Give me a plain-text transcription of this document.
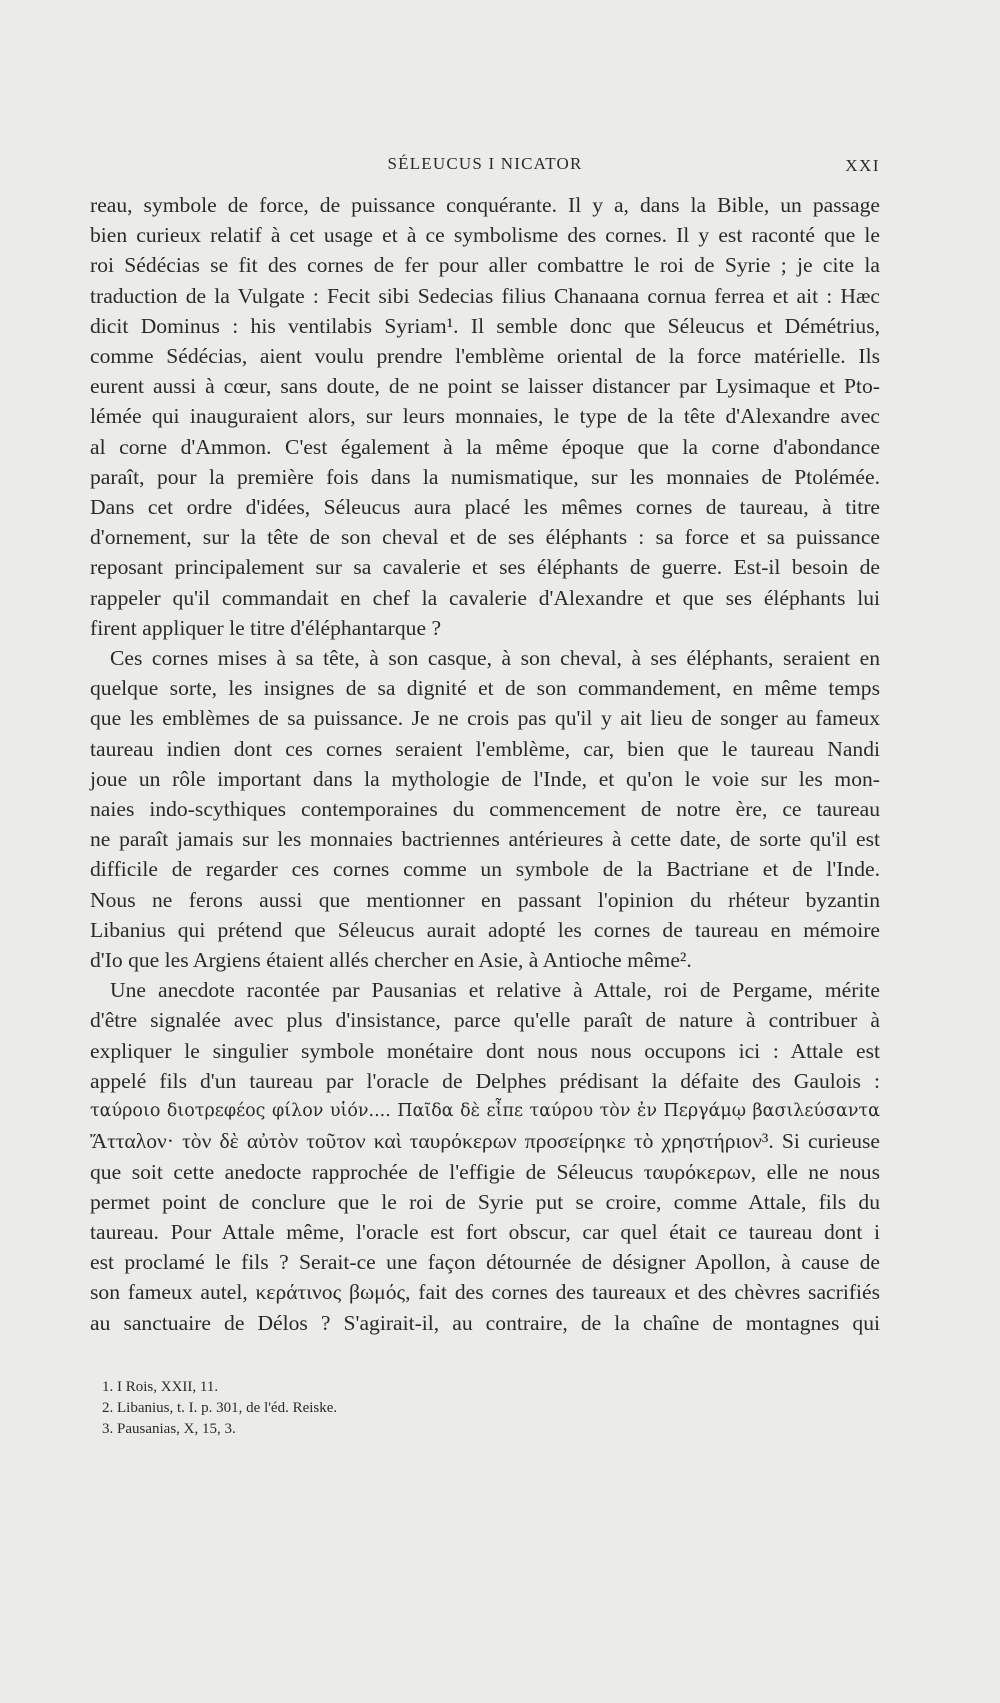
SÉLEUCUS I NICATOR	XXI
reau, symbole de force, de puissance conquérante. Il y a, dans la Bible, un passage
bien curieux relatif à cet usage et à ce symbolisme des cornes. Il y est raconté que le
roi Sédécias se fit des cornes de fer pour aller combattre le roi de Syrie ; je cite la
traduction de la Vulgate : Fecit sibi Sedecias filius Chanaana cornua ferrea et ait : Hæc
dicit Dominus : his ventilabis Syriam¹. Il semble donc que Séleucus et Démétrius,
comme Sédécias, aient voulu prendre l'emblème oriental de la force matérielle. Ils
eurent aussi à cœur, sans doute, de ne point se laisser distancer par Lysimaque et Pto-
lémée qui inauguraient alors, sur leurs monnaies, le type de la tête d'Alexandre avec
al corne d'Ammon. C'est également à la même époque que la corne d'abondance
paraît, pour la première fois dans la numismatique, sur les monnaies de Ptolémée.
Dans cet ordre d'idées, Séleucus aura placé les mêmes cornes de taureau, à titre
d'ornement, sur la tête de son cheval et de ses éléphants : sa force et sa puissance
reposant principalement sur sa cavalerie et ses éléphants de guerre. Est-il besoin de
rappeler qu'il commandait en chef la cavalerie d'Alexandre et que ses éléphants lui
firent appliquer le titre d'éléphantarque ?
Ces cornes mises à sa tête, à son casque, à son cheval, à ses éléphants, seraient en
quelque sorte, les insignes de sa dignité et de son commandement, en même temps
que les emblèmes de sa puissance. Je ne crois pas qu'il y ait lieu de songer au fameux
taureau indien dont ces cornes seraient l'emblème, car, bien que le taureau Nandi
joue un rôle important dans la mythologie de l'Inde, et qu'on le voie sur les mon-
naies indo-scythiques contemporaines du commencement de notre ère, ce taureau
ne paraît jamais sur les monnaies bactriennes antérieures à cette date, de sorte qu'il est
difficile de regarder ces cornes comme un symbole de la Bactriane et de l'Inde.
Nous ne ferons aussi que mentionner en passant l'opinion du rhéteur byzantin
Libanius qui prétend que Séleucus aurait adopté les cornes de taureau en mémoire
d'Io que les Argiens étaient allés chercher en Asie, à Antioche même².
Une anecdote racontée par Pausanias et relative à Attale, roi de Pergame, mérite
d'être signalée avec plus d'insistance, parce qu'elle paraît de nature à contribuer à
expliquer le singulier symbole monétaire dont nous nous occupons ici : Attale est
appelé fils d'un taureau par l'oracle de Delphes prédisant la défaite des Gaulois :
ταύροιο διοτρεφέος φίλον υἱόν.... Παῖδα δὲ εἶπε ταύρου τὸν ἐν Περγάμῳ βασιλεύσαντα
Ἄτταλον· τὸν δὲ αὐτὸν τοῦτον καὶ ταυρόκερων προσείρηκε τὸ χρηστήριον³. Si curieuse
que soit cette anedocte rapprochée de l'effigie de Séleucus ταυρόκερων, elle ne nous
permet point de conclure que le roi de Syrie put se croire, comme Attale, fils du
taureau. Pour Attale même, l'oracle est fort obscur, car quel était ce taureau dont i
est proclamé le fils ? Serait-ce une façon détournée de désigner Apollon, à cause de
son fameux autel, κεράτινος βωμός, fait des cornes des taureaux et des chèvres sacrifiés
au sanctuaire de Délos ? S'agirait-il, au contraire, de la chaîne de montagnes qui
1. I Rois, XXII, 11.
2. Libanius, t. I. p. 301, de l'éd. Reiske.
3. Pausanias, X, 15, 3.
